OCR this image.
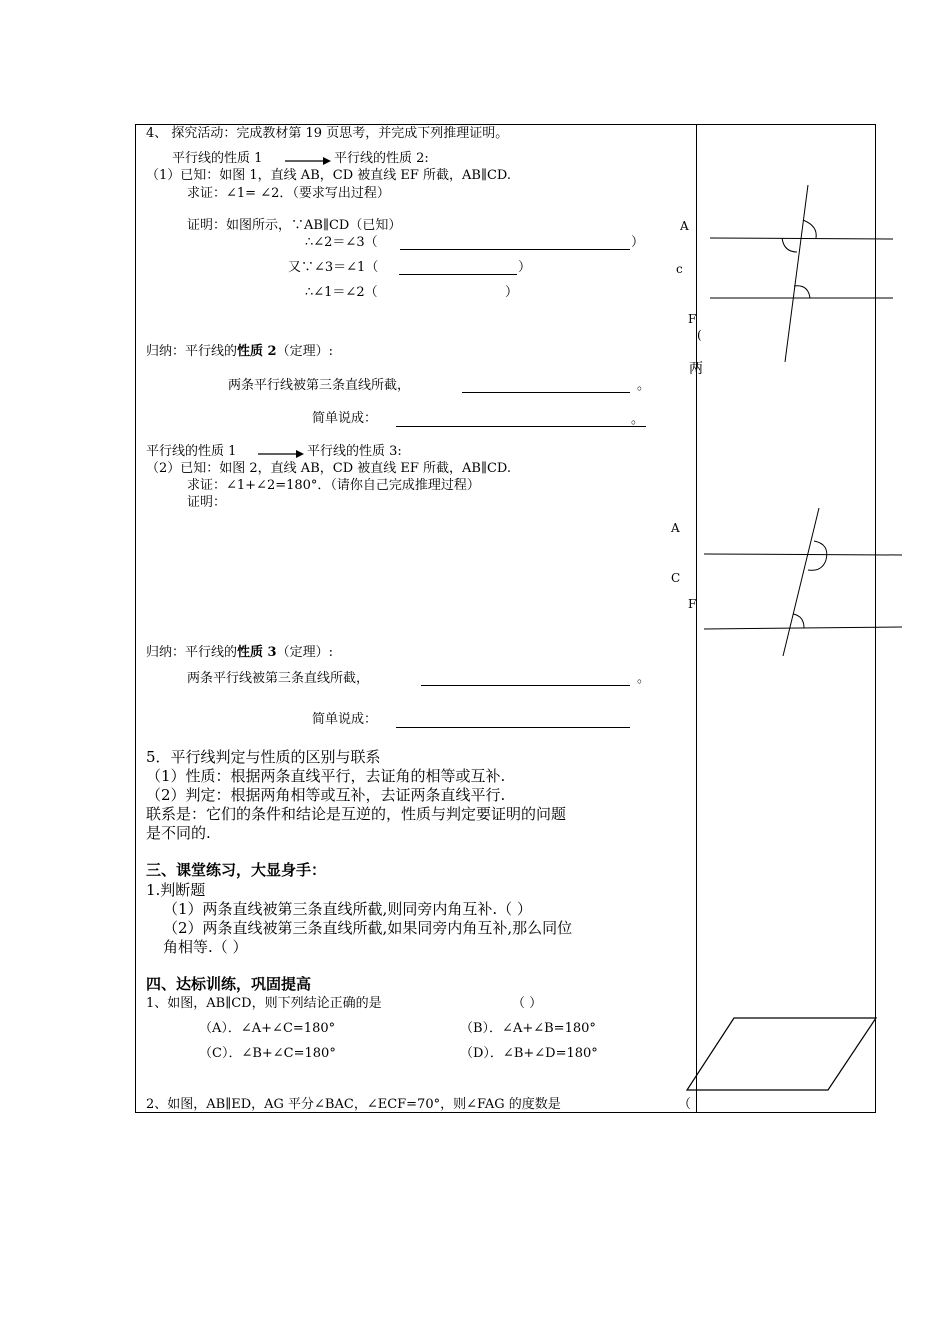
4、 探究活动：完成教材第 19 页思考，并完成下列推理证明。
平行线的性质 1	平行线的性质 2:
（1）已知：如图 1，直线 AB，CD 被直线 EF 所截，AB∥CD.
求证：∠1= ∠2．（要求写出过程）
证明：如图所示，∵AB∥CD（已知）
∴∠2＝∠3（	）
又∵∠3＝∠1（	）
∴∠1＝∠2（	）
归纳：平行线的性质 2（定理）:
两条平行线被第三条直线所截，	。
简单说成：	。
平行线的性质 1	平行线的性质 3:
（2）已知：如图 2，直线 AB，CD 被直线 EF 所截，AB∥CD.
求证：∠1+∠2=180°．（请你自己完成推理过程）
证明：
归纳：平行线的性质 3（定理）:
两条平行线被第三条直线所截，	。
简单说成：
5．平行线判定与性质的区别与联系
（1）性质：根据两条直线平行，去证角的相等或互补.
（2）判定：根据两角相等或互补，去证两条直线平行.
联系是：它们的条件和结论是互逆的，性质与判定要证明的问题
是不同的.
三、课堂练习，大显身手：
1.判断题
（1）两条直线被第三条直线所截,则同旁内角互补.（ ）
（2）两条直线被第三条直线所截,如果同旁内角互补,那么同位
角相等.（ ）
四、达标训练，巩固提高
1、如图，AB∥CD，则下列结论正确的是	（ ）
（A）．∠A+∠C=180°	（B）．∠A+∠B=180°
（C）．∠B+∠C=180°	（D）．∠B+∠D=180°
2、如图，AB∥ED，AG 平分∠BAC，∠ECF=70°，则∠FAG 的度数是	（
A
c
F
(
两
A
C
F
